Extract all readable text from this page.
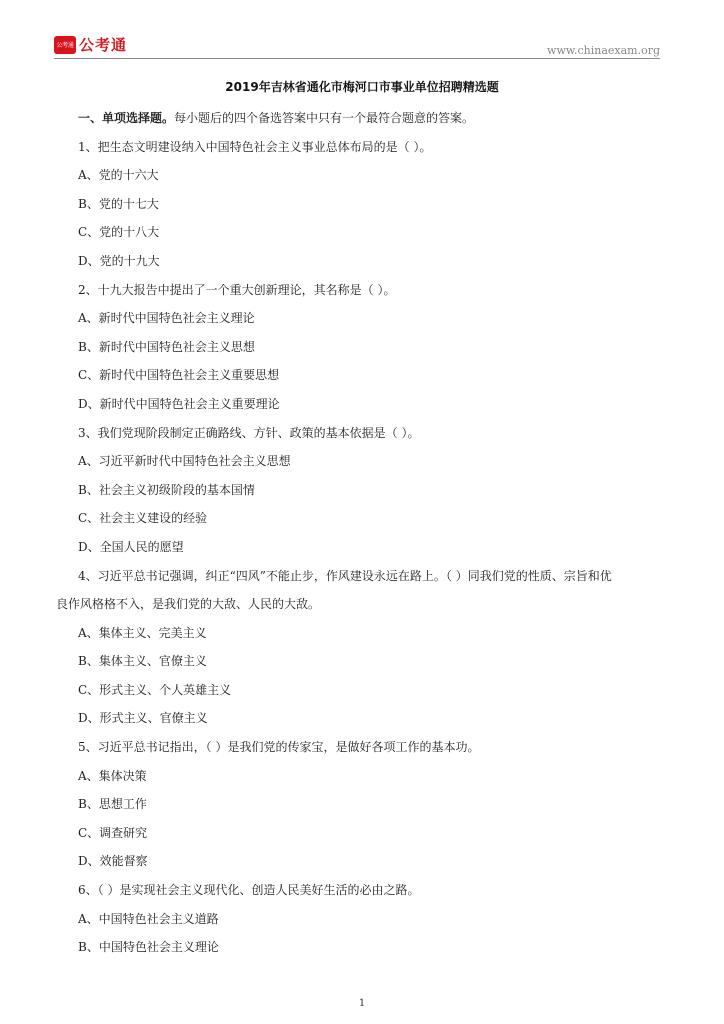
公考通 公考通	www.chinaexam.org
2019年吉林省通化市梅河口市事业单位招聘精选题
一、单项选择题。每小题后的四个备选答案中只有一个最符合题意的答案。
1、把生态文明建设纳入中国特色社会主义事业总体布局的是（ ）。
A、党的十六大
B、党的十七大
C、党的十八大
D、党的十九大
2、十九大报告中提出了一个重大创新理论，其名称是（ ）。
A、新时代中国特色社会主义理论
B、新时代中国特色社会主义思想
C、新时代中国特色社会主义重要思想
D、新时代中国特色社会主义重要理论
3、我们党现阶段制定正确路线、方针、政策的基本依据是（ ）。
A、习近平新时代中国特色社会主义思想
B、社会主义初级阶段的基本国情
C、社会主义建设的经验
D、全国人民的愿望
4、习近平总书记强调，纠正“四风”不能止步，作风建设永远在路上。（ ）同我们党的性质、宗旨和优
良作风格格不入，是我们党的大敌、人民的大敌。
A、集体主义、完美主义
B、集体主义、官僚主义
C、形式主义、个人英雄主义
D、形式主义、官僚主义
5、习近平总书记指出，（ ）是我们党的传家宝，是做好各项工作的基本功。
A、集体决策
B、思想工作
C、调查研究
D、效能督察
6、（ ）是实现社会主义现代化、创造人民美好生活的必由之路。
A、中国特色社会主义道路
B、中国特色社会主义理论
1
